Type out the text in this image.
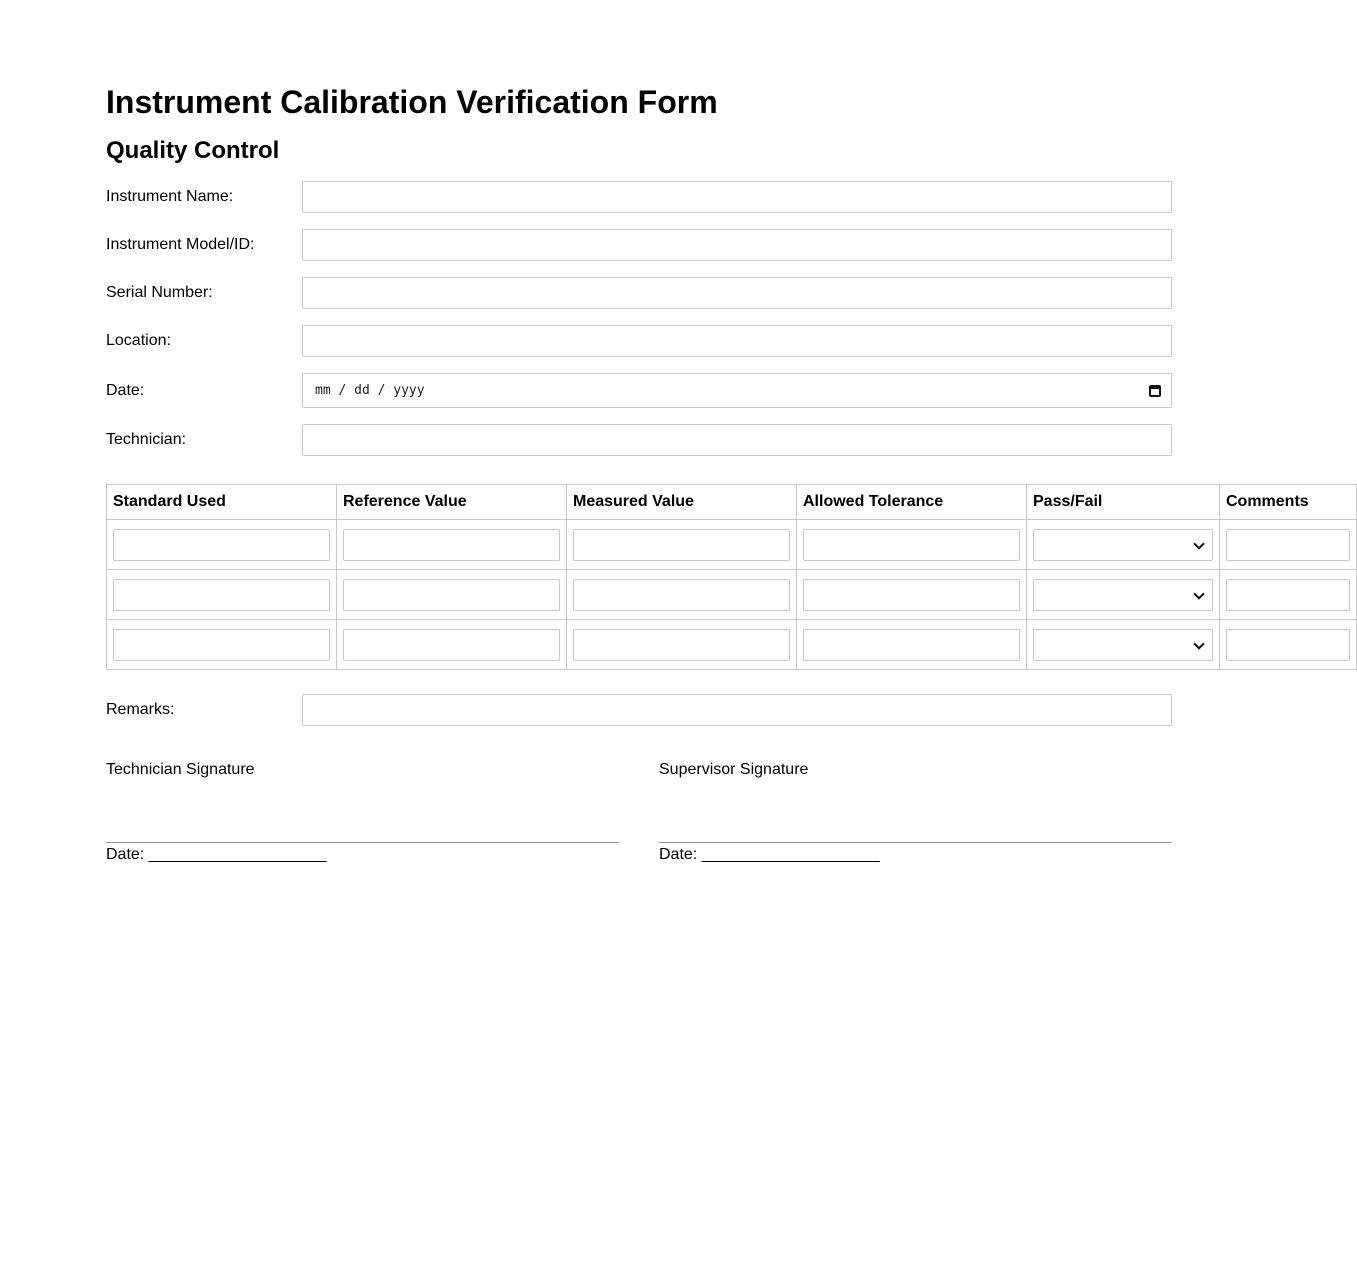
Instrument Calibration Verification Form
Quality Control
Instrument Name:
Instrument Model/ID:
Serial Number:
Location:
Date:	mm / dd / yyyy
Technician:
Standard Used	Reference Value	Measured Value	Allowed Tolerance	Pass/Fail	Comments

Remarks:
Technician Signature
Date: ____________________
Supervisor Signature
Date: ____________________
